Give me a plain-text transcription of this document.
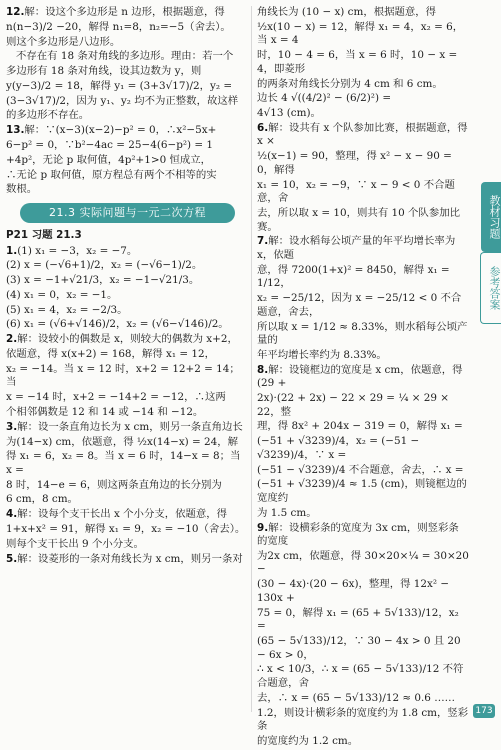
12.解：设这个多边形是 n 边形，根据题意，得
n(n−3)/2 −20，解得 n₁=8，n₂=−5（舍去）。
则这个多边形是八边形。
不存在有 18 条对角线的多边形。理由：若一个
多边形有 18 条对角线，设其边数为 y，则
y(y−3)/2 = 18，解得 y₁ = (3+3√17)/2，y₂ =
(3−3√17)/2，因为 y₁、y₂ 均不为正整数，故这样
的多边形不存在。
13.解：∵(x−3)(x−2)−p² = 0，∴x²−5x+
6−p² = 0，∵b²−4ac = 25−4(6−p²) = 1
+4p²，无论 p 取何值，4p²+1>0 恒成立，
∴无论 p 取何值，原方程总有两个不相等的实
数根。
21.3 实际问题与一元二次方程
P21 习题 21.3
1.(1) x₁ = −3，x₂ = −7。
(2) x = (−√6+1)/2，x₂ = (−√6−1)/2。
(3) x = −1+√21/3，x₂ = −1−√21/3。
(4) x₁ = 0，x₂ = −1。
(5) x₁ = 4，x₂ = −2/3。
(6) x₁ = (√6+√146)/2，x₂ = (√6−√146)/2。
2.解：设较小的偶数是 x，则较大的偶数为 x+2，
依题意，得 x(x+2) = 168，解得 x₁ = 12，
x₂ = −14。当 x = 12 时，x+2 = 12+2 = 14；当
x = −14 时，x+2 = −14+2 = −12，∴这两
个相邻偶数是 12 和 14 或 −14 和 −12。
3.解：设一条直角边长为 x cm，则另一条直角边长
为(14−x) cm，依题意，得 ½x(14−x) = 24，解
得 x₁ = 6，x₂ = 8。当 x = 6 时，14−x = 8；当 x =
8 时，14−e = 6，则这两条直角边的长分别为
6 cm，8 cm。
4.解：设每个支干长出 x 个小分支，依题意，得
1+x+x² = 91，解得 x₁ = 9，x₂ = −10（舍去）。
则每个支干长出 9 个小分支。
5.解：设菱形的一条对角线长为 x cm，则另一条对
角线长为 (10 − x) cm，根据题意，得
½x(10 − x) = 12，解得 x₁ = 4，x₂ = 6，当 x = 4
时，10 − 4 = 6，当 x = 6 时，10 − x = 4，即菱形
的两条对角线长分别为 4 cm 和 6 cm。
边长 4 √((4/2)² − (6/2)²) =
4√13 (cm)。
6.解：设共有 x 个队参加比赛，根据题意，得 x ×
½(x−1) = 90，整理，得 x² − x − 90 = 0，解得
x₁ = 10，x₂ = −9，∵ x − 9 < 0 不合题意，舍
去，所以取 x = 10，则共有 10 个队参加比赛。
7.解：设水稻每公顷产量的年平均增长率为 x，依题
意，得 7200(1+x)² = 8450，解得 x₁ = 1/12，
x₂ = −25/12，因为 x = −25/12 < 0 不合题意，舍去，
所以取 x = 1/12 ≈ 8.33%，则水稻每公顷产量的
年平均增长率约为 8.33%。
8.解：设镜框边的宽度是 x cm，依题意，得 (29 +
2x)·(22 + 2x) − 22 × 29 = ¼ × 29 × 22，整
理，得 8x² + 204x − 319 = 0，解得 x₁ =
(−51 + √3239)/4，x₂ = (−51 − √3239)/4，∵ x =
(−51 − √3239)/4 不合题意，舍去，∴ x =
(−51 + √3239)/4 ≈ 1.5 (cm)，则镜框边的宽度约
为 1.5 cm。
9.解：设横彩条的宽度为 3x cm，则竖彩条的宽度
为2x cm，依题意，得 30×20×¼ = 30×20 −
(30 − 4x)·(20 − 6x)，整理，得 12x² − 130x +
75 = 0，解得 x₁ = (65 + 5√133)/12，x₂ =
(65 − 5√133)/12，∵ 30 − 4x > 0 且 20 − 6x > 0，
∴ x < 10/3，∴ x = (65 − 5√133)/12 不符合题意，舍
去，∴ x = (65 − 5√133)/12 ≈ 0.6 ……
1.2，则设计横彩条的宽度约为 1.8 cm，竖彩条
的宽度约为 1.2 cm。
教材习题
参考答案
173
